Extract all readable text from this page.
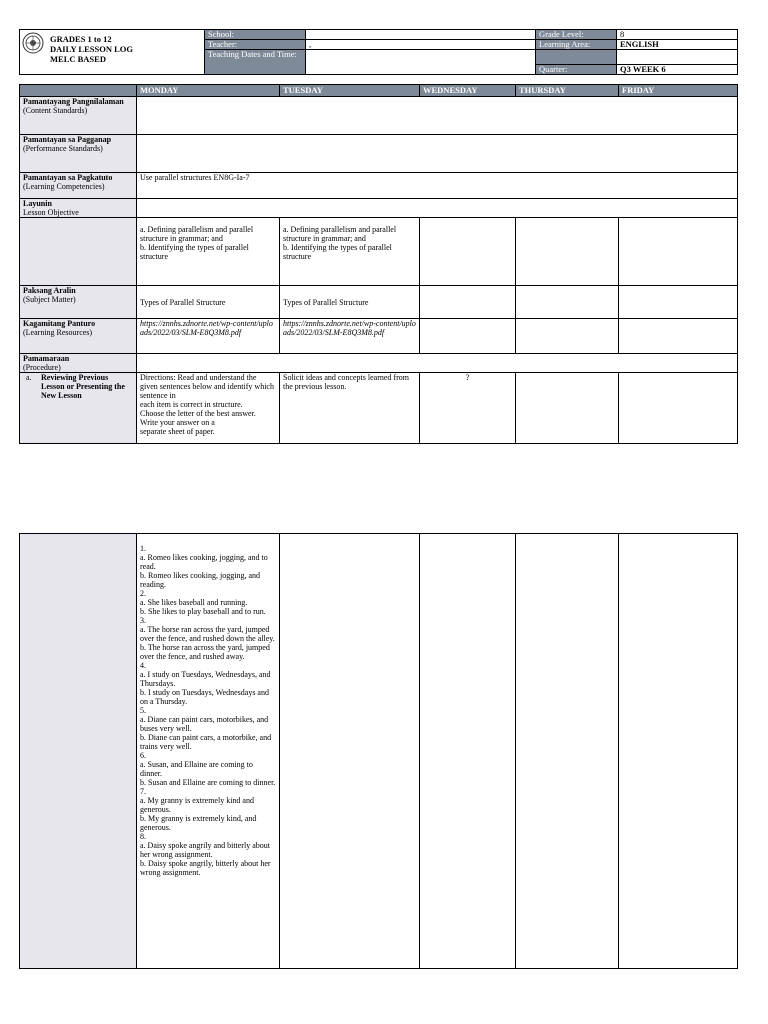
GRADES 1 to 12
DAILY LESSON LOG
MELC BASED	School:		Grade Level:	8
	Teacher:	,	Learning Area:	ENGLISH
	Teaching Dates and Time:			
			Quarter:	Q3 WEEK 6
	MONDAY	TUESDAY	WEDNESDAY	THURSDAY	FRIDAY

Pamantayang Pangnilalaman
(Content Standards)					

Pamantayan sa Pagganap
(Performance Standards)					

Pamantayan sa Pagkatuto
(Learning Competencies)	Use parallel structures EN8G-Ia-7				

Layunin
Lesson Objective					

	a. Defining parallelism and parallel structure in grammar; and
b. Identifying the types of parallel structure	a. Defining parallelism and parallel structure in grammar; and
b. Identifying the types of parallel structure			

Paksang Aralin
(Subject Matter)	Types of Parallel Structure	Types of Parallel Structure			

Kagamitang Panturo
(Learning Resources)	https://znnhs.zdnorte.net/wp-content/uploads/2022/03/SLM-E8Q3M8.pdf	https://znnhs.zdnorte.net/wp-content/uploads/2022/03/SLM-E8Q3M8.pdf			

Pamamaraan
(Procedure)					

a. Reviewing Previous Lesson or Presenting the New Lesson	Directions: Read and understand the given sentences below and identify which sentence in
each item is correct in structure.
Choose the letter of the best answer.
Write your answer on a
separate sheet of paper.	Solicit ideas and concepts learned from the previous lesson.	?		
	1.
a. Romeo likes cooking, jogging, and to read.
b. Romeo likes cooking, jogging, and reading.
2.
a. She likes baseball and running.
b. She likes to play baseball and to run.
3.
a. The horse ran across the yard, jumped over the fence, and rushed down the alley.
b. The horse ran across the yard, jumped over the fence, and rushed away.
4.
a. I study on Tuesdays, Wednesdays, and Thursdays.
b. I study on Tuesdays, Wednesdays and on a Thursday.
5.
a. Diane can paint cars, motorbikes, and buses very well.
b. Diane can paint cars, a motorbike, and trains very well.
6.
a. Susan, and Ellaine are coming to dinner.
b. Susan and Ellaine are coming to dinner.
7.
a. My granny is extremely kind and generous.
b. My granny is extremely kind, and generous.
8.
a. Daisy spoke angrily and bitterly about her wrong assignment.
b. Daisy spoke angrily, bitterly about her wrong assignment.				
